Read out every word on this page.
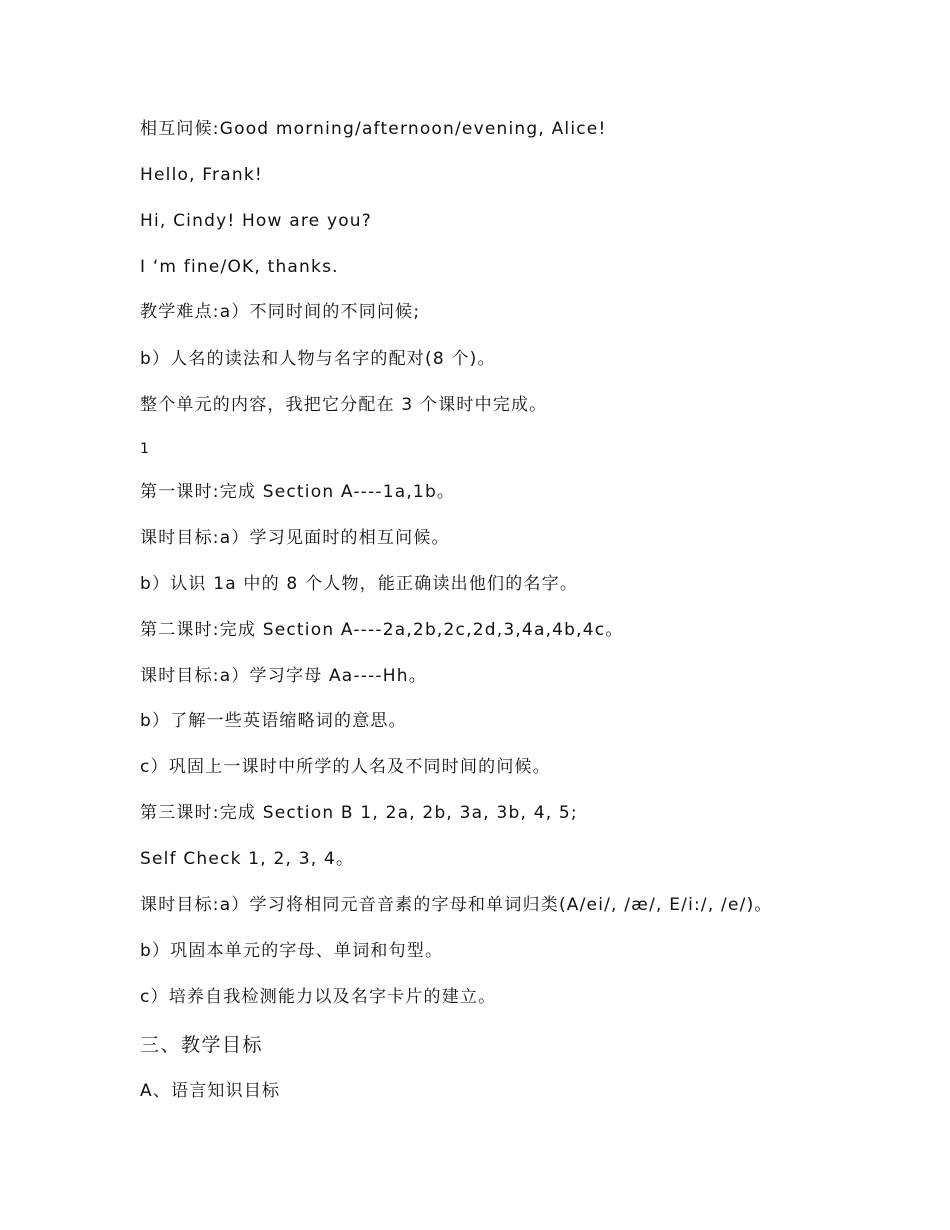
相互问候:Good morning/afternoon/evening, Alice!
Hello, Frank!
Hi, Cindy! How are you?
I ‘m fine/OK, thanks.
教学难点:a）不同时间的不同问候;
b）人名的读法和人物与名字的配对(8 个)。
整个单元的内容，我把它分配在 3 个课时中完成。
1
第一课时:完成 Section A----1a,1b。
课时目标:a）学习见面时的相互问候。
b）认识 1a 中的 8 个人物，能正确读出他们的名字。
第二课时:完成 Section A----2a,2b,2c,2d,3,4a,4b,4c。
课时目标:a）学习字母 Aa----Hh。
b）了解一些英语缩略词的意思。
c）巩固上一课时中所学的人名及不同时间的问候。
第三课时:完成 Section B 1, 2a, 2b, 3a, 3b, 4, 5;
Self Check 1, 2, 3, 4。
课时目标:a）学习将相同元音音素的字母和单词归类(A/ei/, /æ/, E/i:/, /e/)。
b）巩固本单元的字母、单词和句型。
c）培养自我检测能力以及名字卡片的建立。
三、教学目标
A、语言知识目标
